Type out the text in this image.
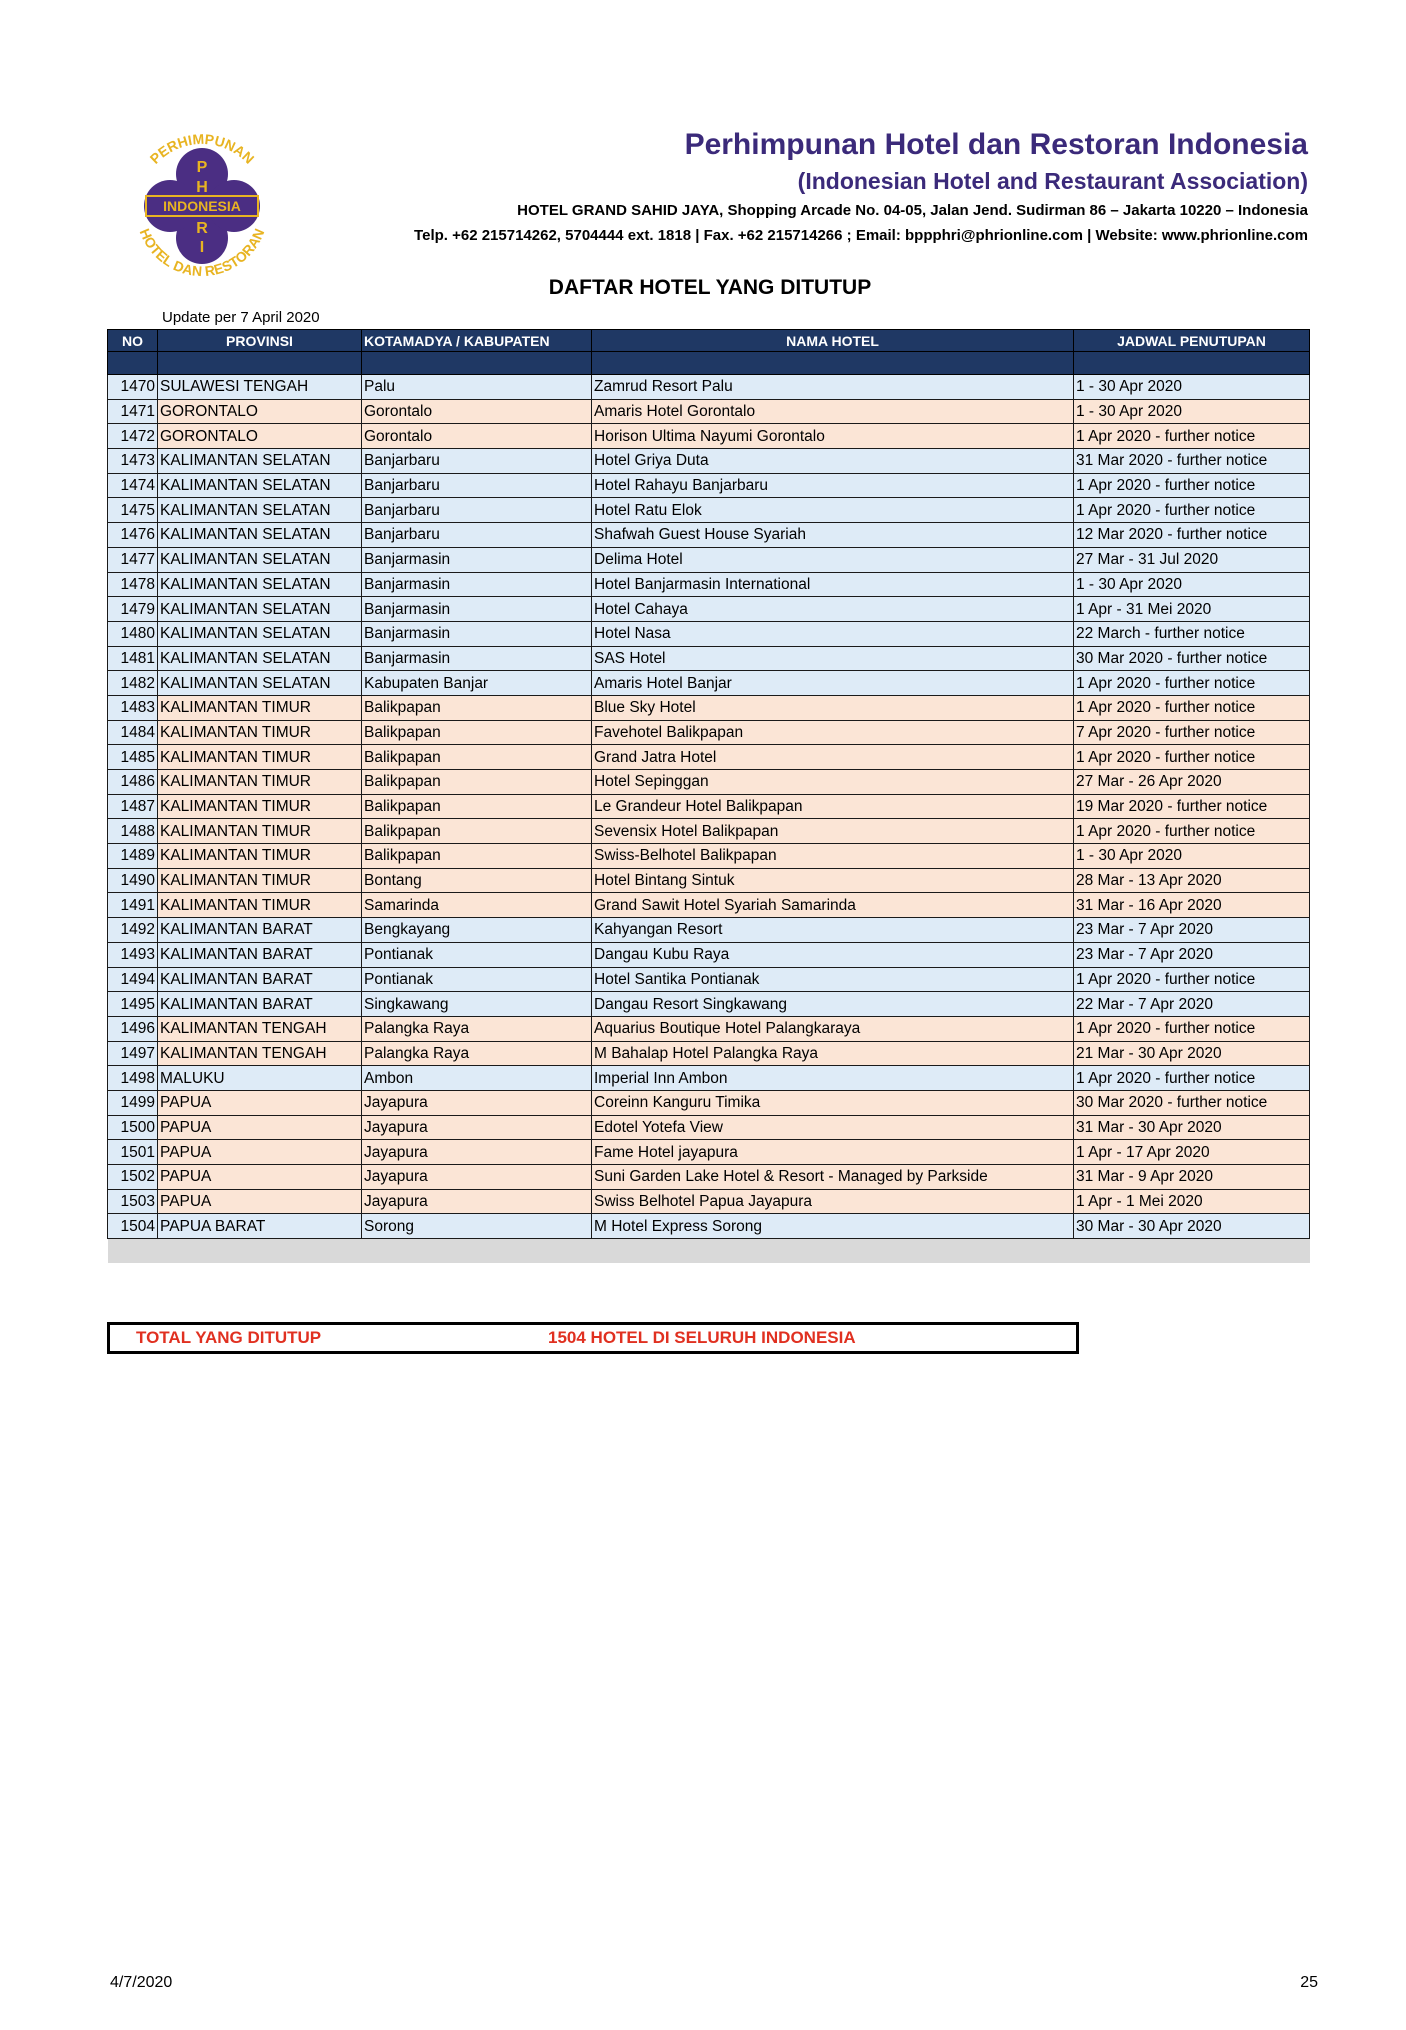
INDONESIA
P
H
R
I
PERHIMPUNAN
HOTEL DAN RESTORAN
Perhimpunan Hotel dan Restoran Indonesia
(Indonesian Hotel and Restaurant Association)
HOTEL GRAND SAHID JAYA, Shopping Arcade No. 04-05, Jalan Jend. Sudirman 86 – Jakarta 10220 – Indonesia
Telp. +62 215714262, 5704444 ext. 1818 | Fax. +62 215714266 ; Email: bppphri@phrionline.com | Website: www.phrionline.com
DAFTAR HOTEL YANG DITUTUP
Update per 7 April 2020
NO	PROVINSI	KOTAMADYA / KABUPATEN	NAMA HOTEL	JADWAL PENUTUPAN

1470	SULAWESI TENGAH	Palu	Zamrud Resort Palu	1 - 30 Apr 2020
1471	GORONTALO	Gorontalo	Amaris Hotel Gorontalo	1 - 30 Apr 2020
1472	GORONTALO	Gorontalo	Horison Ultima Nayumi Gorontalo	1 Apr 2020 - further notice
1473	KALIMANTAN SELATAN	Banjarbaru	Hotel Griya Duta	31 Mar 2020 - further notice
1474	KALIMANTAN SELATAN	Banjarbaru	Hotel Rahayu Banjarbaru	1 Apr 2020 - further notice
1475	KALIMANTAN SELATAN	Banjarbaru	Hotel Ratu Elok	1 Apr 2020 - further notice
1476	KALIMANTAN SELATAN	Banjarbaru	Shafwah Guest House Syariah	12 Mar 2020 - further notice
1477	KALIMANTAN SELATAN	Banjarmasin	Delima Hotel	27 Mar - 31 Jul 2020
1478	KALIMANTAN SELATAN	Banjarmasin	Hotel Banjarmasin International	1 - 30 Apr 2020
1479	KALIMANTAN SELATAN	Banjarmasin	Hotel Cahaya	1 Apr - 31 Mei 2020
1480	KALIMANTAN SELATAN	Banjarmasin	Hotel Nasa	22 March - further notice
1481	KALIMANTAN SELATAN	Banjarmasin	SAS Hotel	30 Mar 2020 - further notice
1482	KALIMANTAN SELATAN	Kabupaten Banjar	Amaris Hotel Banjar	1 Apr 2020 - further notice
1483	KALIMANTAN TIMUR	Balikpapan	Blue Sky Hotel	1 Apr 2020 - further notice
1484	KALIMANTAN TIMUR	Balikpapan	Favehotel Balikpapan	7 Apr 2020 - further notice
1485	KALIMANTAN TIMUR	Balikpapan	Grand Jatra Hotel	1 Apr 2020 - further notice
1486	KALIMANTAN TIMUR	Balikpapan	Hotel Sepinggan	27 Mar - 26 Apr 2020
1487	KALIMANTAN TIMUR	Balikpapan	Le Grandeur Hotel Balikpapan	19 Mar 2020 - further notice
1488	KALIMANTAN TIMUR	Balikpapan	Sevensix Hotel Balikpapan	1 Apr 2020 - further notice
1489	KALIMANTAN TIMUR	Balikpapan	Swiss-Belhotel Balikpapan	1 - 30 Apr 2020
1490	KALIMANTAN TIMUR	Bontang	Hotel Bintang Sintuk	28 Mar - 13 Apr 2020
1491	KALIMANTAN TIMUR	Samarinda	Grand Sawit Hotel Syariah Samarinda	31 Mar - 16 Apr 2020
1492	KALIMANTAN BARAT	Bengkayang	Kahyangan Resort	23 Mar - 7 Apr 2020
1493	KALIMANTAN BARAT	Pontianak	Dangau Kubu Raya	23 Mar - 7 Apr 2020
1494	KALIMANTAN BARAT	Pontianak	Hotel Santika Pontianak	1 Apr 2020 - further notice
1495	KALIMANTAN BARAT	Singkawang	Dangau Resort Singkawang	22 Mar - 7 Apr 2020
1496	KALIMANTAN TENGAH	Palangka Raya	Aquarius Boutique Hotel Palangkaraya	1 Apr 2020 - further notice
1497	KALIMANTAN TENGAH	Palangka Raya	M Bahalap Hotel Palangka Raya	21 Mar - 30 Apr 2020
1498	MALUKU	Ambon	Imperial Inn Ambon	1 Apr 2020 - further notice
1499	PAPUA	Jayapura	Coreinn Kanguru Timika	30 Mar 2020 - further notice
1500	PAPUA	Jayapura	Edotel Yotefa View	31 Mar - 30 Apr 2020
1501	PAPUA	Jayapura	Fame Hotel jayapura	1 Apr - 17 Apr 2020
1502	PAPUA	Jayapura	Suni Garden Lake Hotel & Resort - Managed by Parkside	31 Mar - 9 Apr 2020
1503	PAPUA	Jayapura	Swiss Belhotel Papua Jayapura	1 Apr - 1 Mei 2020
1504	PAPUA BARAT	Sorong	M Hotel Express Sorong	30 Mar - 30 Apr 2020

TOTAL YANG DITUTUP	1504 HOTEL DI SELURUH INDONESIA
4/7/2020	25
